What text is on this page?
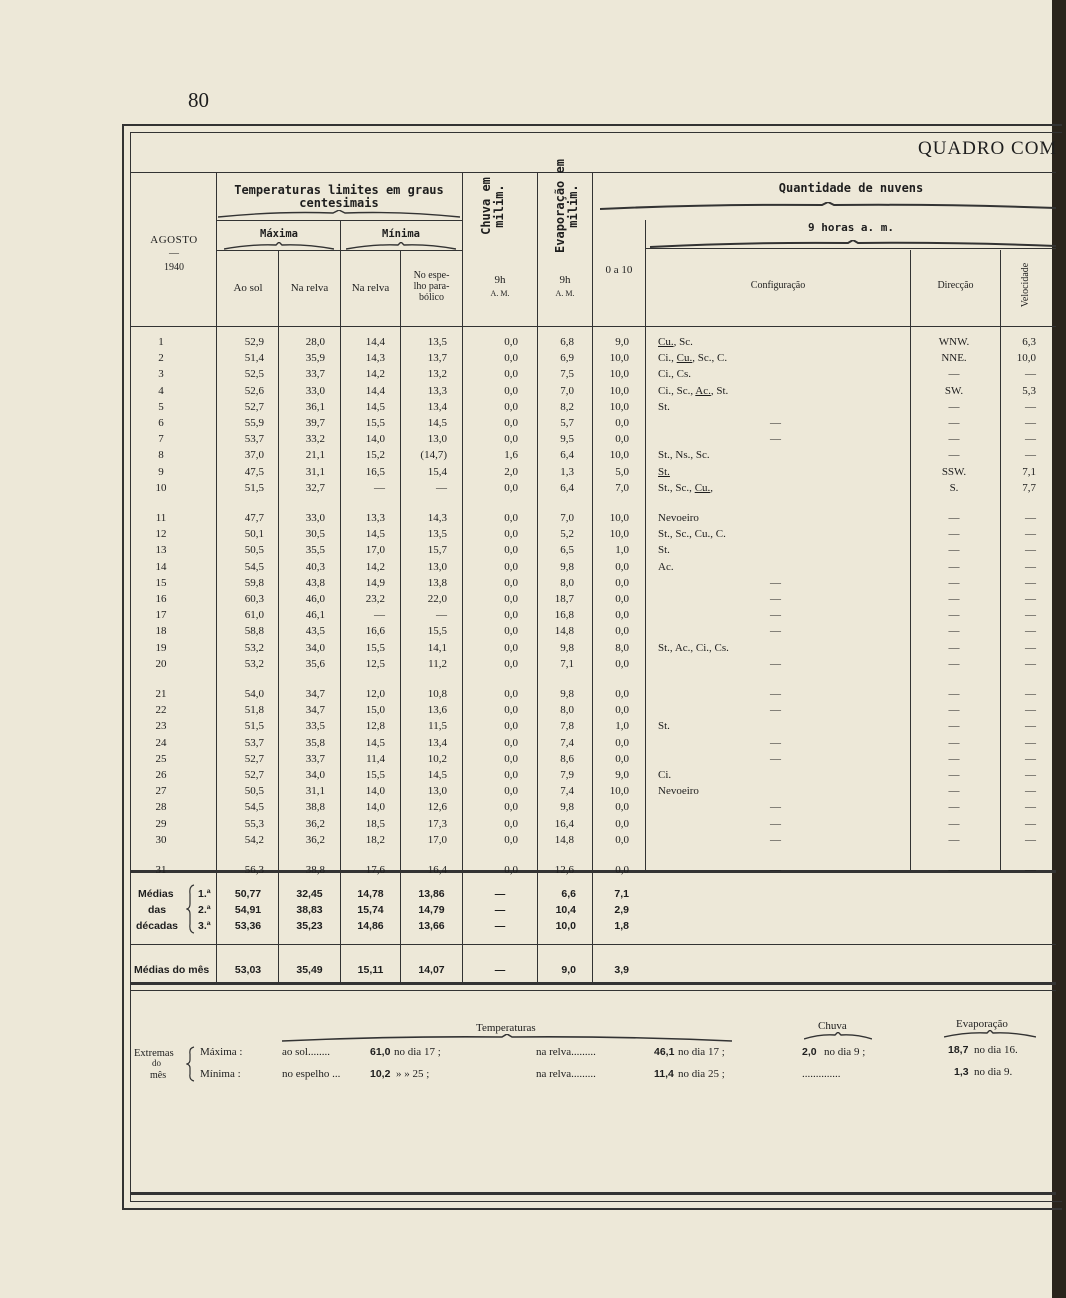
80
QUADRO COM
AGOSTO
—
1940
Temperaturas limites em graus centesimais
Máxima	Mínima
Ao sol	Na relva	Na relva
No espe-
lho para-
bólico
Chuva em milim.	Evaporação em milim.
9h
A. M.
9h
A. M.
Quantidade de nuvens
9 horas a. m.
0 a 10
Configuração	Direcção	Velocidade
1	52,9	28,0	14,4	13,5	0,0	6,8	9,0	Cu., Sc.	WNW.	6,3
2	51,4	35,9	14,3	13,7	0,0	6,9	10,0	Ci., Cu., Sc., C.	NNE.	10,0
3	52,5	33,7	14,2	13,2	0,0	7,5	10,0	Ci., Cs.	—	—
4	52,6	33,0	14,4	13,3	0,0	7,0	10,0	Ci., Sc., Ac., St.	SW.	5,3
5	52,7	36,1	14,5	13,4	0,0	8,2	10,0	St.	—	—
6	55,9	39,7	15,5	14,5	0,0	5,7	0,0	—	—	—
7	53,7	33,2	14,0	13,0	0,0	9,5	0,0	—	—	—
8	37,0	21,1	15,2	(14,7)	1,6	6,4	10,0	St., Ns., Sc.	—	—
9	47,5	31,1	16,5	15,4	2,0	1,3	5,0	St.	SSW.	7,1
10	51,5	32,7	—	—	0,0	6,4	7,0	St., Sc., Cu.,	S.	7,7
11	47,7	33,0	13,3	14,3	0,0	7,0	10,0	Nevoeiro	—	—
12	50,1	30,5	14,5	13,5	0,0	5,2	10,0	St., Sc., Cu., C.	—	—
13	50,5	35,5	17,0	15,7	0,0	6,5	1,0	St.	—	—
14	54,5	40,3	14,2	13,0	0,0	9,8	0,0	Ac.	—	—
15	59,8	43,8	14,9	13,8	0,0	8,0	0,0	—	—	—
16	60,3	46,0	23,2	22,0	0,0	18,7	0,0	—	—	—
17	61,0	46,1	—	—	0,0	16,8	0,0	—	—	—
18	58,8	43,5	16,6	15,5	0,0	14,8	0,0	—	—	—
19	53,2	34,0	15,5	14,1	0,0	9,8	8,0	St., Ac., Ci., Cs.	—	—
20	53,2	35,6	12,5	11,2	0,0	7,1	0,0	—	—	—
21	54,0	34,7	12,0	10,8	0,0	9,8	0,0	—	—	—
22	51,8	34,7	15,0	13,6	0,0	8,0	0,0	—	—	—
23	51,5	33,5	12,8	11,5	0,0	7,8	1,0	St.	—	—
24	53,7	35,8	14,5	13,4	0,0	7,4	0,0	—	—	—
25	52,7	33,7	11,4	10,2	0,0	8,6	0,0	—	—	—
26	52,7	34,0	15,5	14,5	0,0	7,9	9,0	Ci.	—	—
27	50,5	31,1	14,0	13,0	0,0	7,4	10,0	Nevoeiro	—	—
28	54,5	38,8	14,0	12,6	0,0	9,8	0,0	—	—	—
29	55,3	36,2	18,5	17,3	0,0	16,4	0,0	—	—	—
30	54,2	36,2	18,2	17,0	0,0	14,8	0,0	—	—	—
31	56,3	38,8	17,6	16,4	0,0	12,6	0,0	—	—	—
Médias
das
décadas
1.ª	50,77	32,45	14,78	13,86	—	6,6	7,1
2.ª	54,91	38,83	15,74	14,79	—	10,4	2,9
3.ª	53,36	35,23	14,86	13,66	—	10,0	1,8
Médias do mês	53,03	35,49	15,11	14,07	—	9,0	3,9
Temperaturas	Chuva	Evaporação
Extremas
do
mês
Máxima :
Mínima :
ao sol........	61,0 no dia 17 ;	na relva.........	46,1 no dia 17 ;	2,0 no dia 9 ;	18,7 no dia 16.
no espelho ...	10,2 » » 25 ;	na relva.........	11,4 no dia 25 ;	..............	1,3 no dia 9.
